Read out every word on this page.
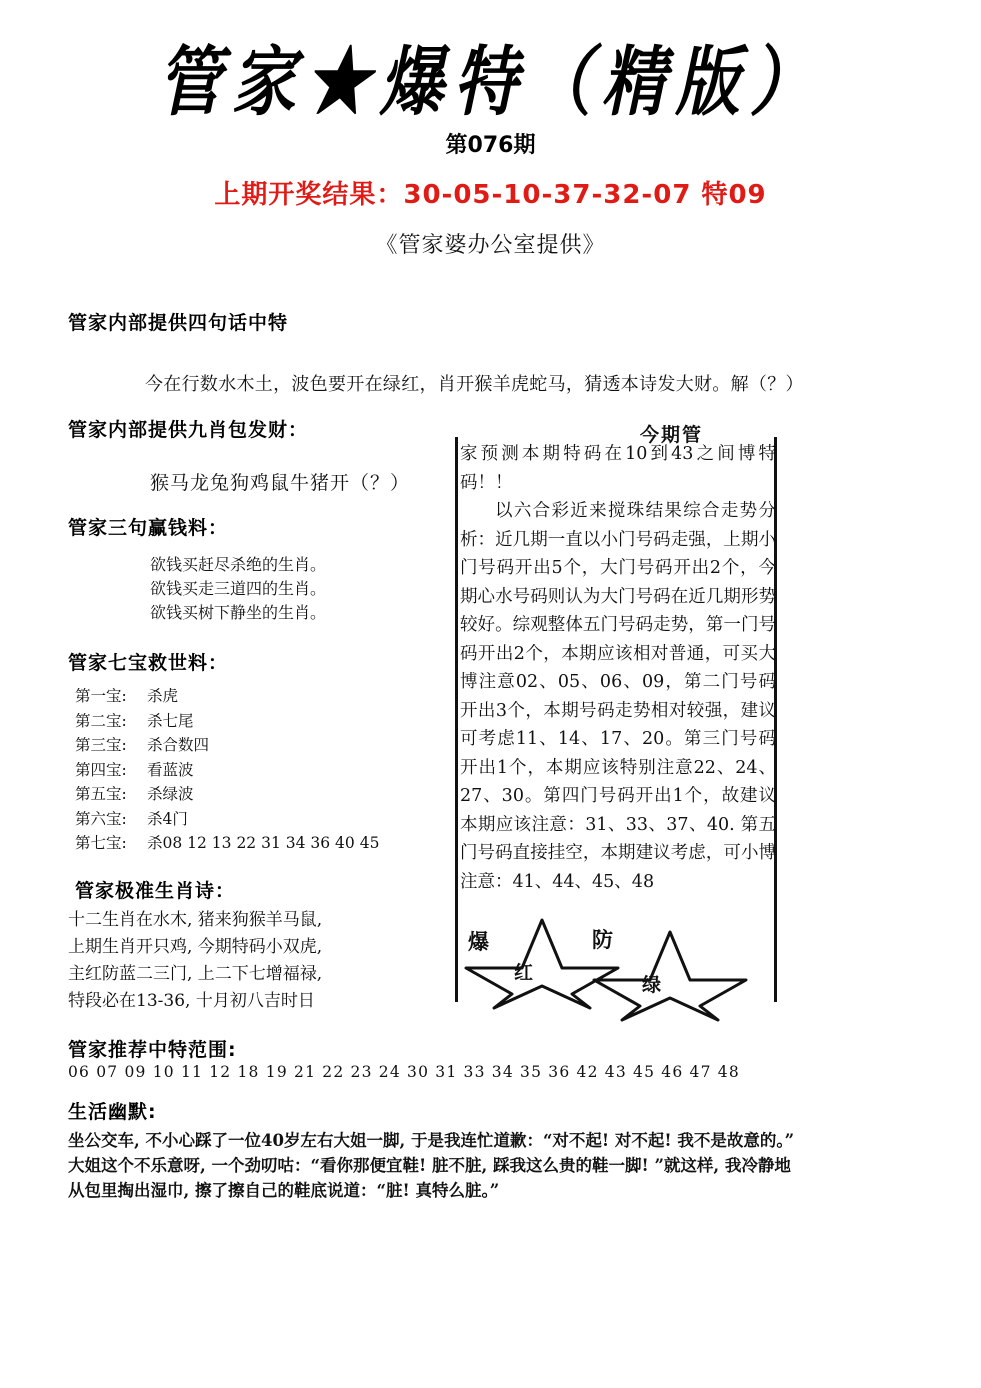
管家★爆特（精版）
第076期
上期开奖结果：30-05-10-37-32-07 特09
《管家婆办公室提供》
管家内部提供四句话中特
今在行数水木土，波色要开在绿红，肖开猴羊虎蛇马，猜透本诗发大财。解（？）
管家内部提供九肖包发财：
猴马龙兔狗鸡鼠牛猪开（？）
管家三句赢钱料：
欲钱买赶尽杀绝的生肖。
欲钱买走三道四的生肖。
欲钱买树下静坐的生肖。
管家七宝救世料：
第一宝: 杀虎
第二宝: 杀七尾
第三宝: 杀合数四
第四宝: 看蓝波
第五宝: 杀绿波
第六宝: 杀4门
第七宝: 杀08 12 13 22 31 34 36 40 45
管家极准生肖诗：
十二生肖在水木, 猪来狗猴羊马鼠,
上期生肖开只鸡, 今期特码小双虎,
主红防蓝二三门, 上二下七增福禄,
特段必在13-36, 十月初八吉时日
管家推荐中特范围:
06 07 09 10 11 12 18 19 21 22 23 24 30 31 33 34 35 36 42 43 45 46 47 48
生活幽默:
坐公交车, 不小心踩了一位40岁左右大姐一脚, 于是我连忙道歉：“对不起! 对不起! 我不是故意的。”
大姐这个不乐意呀, 一个劲叨咕：“看你那便宜鞋! 脏不脏, 踩我这么贵的鞋一脚! ”就这样, 我冷静地
从包里掏出湿巾, 擦了擦自己的鞋底说道：“脏! 真特么脏。”
今期管

家预测本期特码在10到43之间博特码！！

以六合彩近来搅珠结果综合走势分析：近几期一直以小门号码走强，上期小门号码开出5个，大门号码开出2个，今期心水号码则认为大门号码在近几期形势较好。综观整体五门号码走势，第一门号码开出2个，本期应该相对普通，可买大博注意02、05、06、09，第二门号码开出3个，本期号码走势相对较强，建议可考虑11、14、17、20。第三门号码开出1个，本期应该特别注意22、24、27、30。第四门号码开出1个，故建议本期应该注意：31、33、37、40. 第五门号码直接挂空，本期建议考虑，可小博注意：41、44、45、48

爆
红
防
绿
